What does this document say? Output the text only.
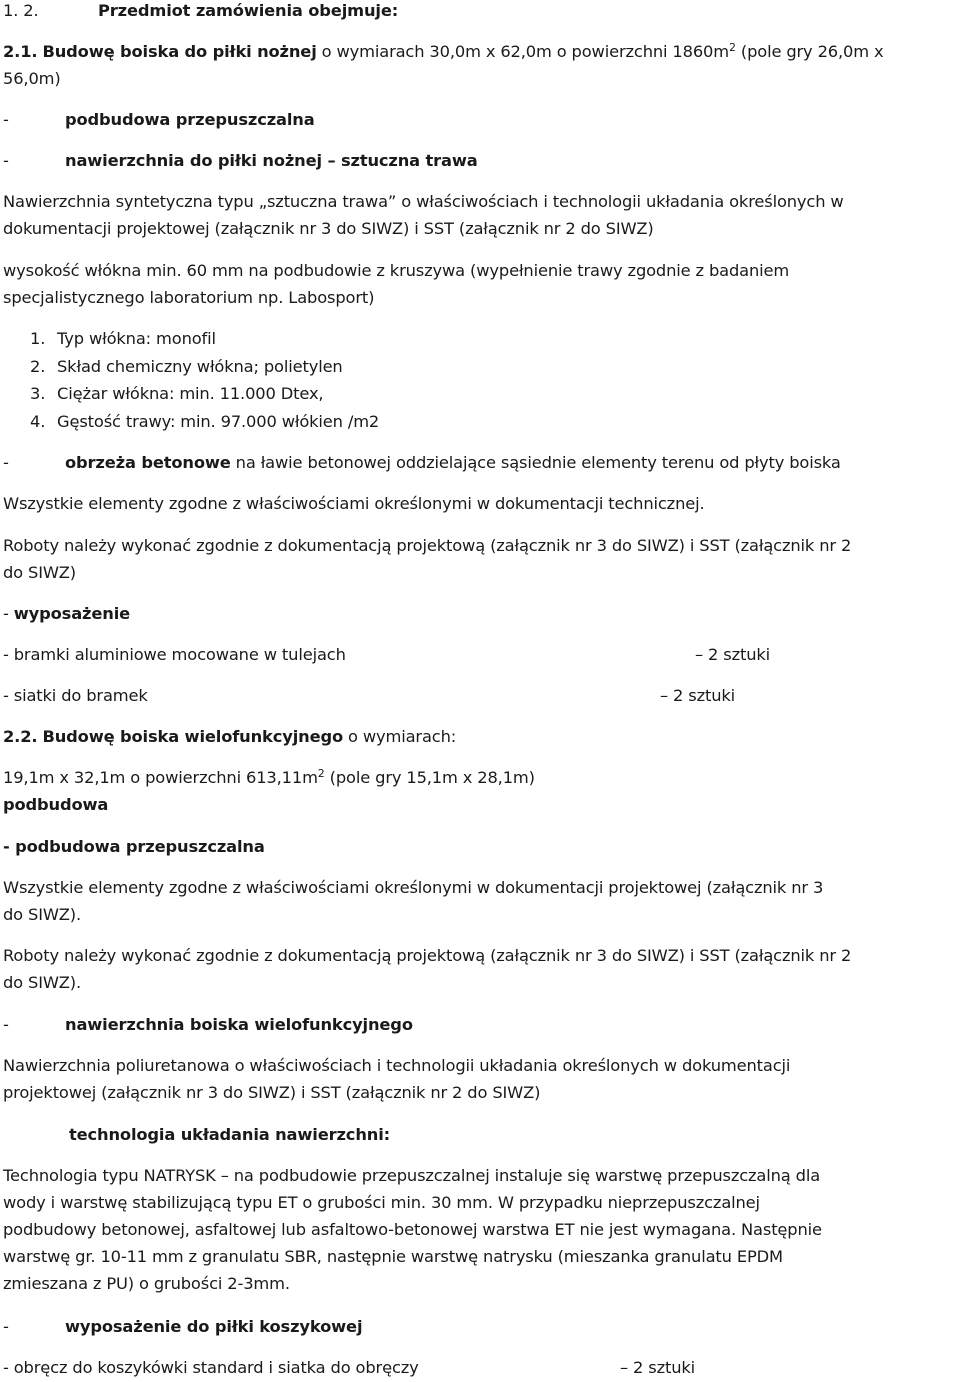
1. 2.	Przedmiot zamówienia obejmuje:
2.1. Budowę boiska do piłki nożnej o wymiarach 30,0m x 62,0m o powierzchni $1860m^2$ (pole gry 26,0m x
56,0m)
-	podbudowa przepuszczalna
-	nawierzchnia do piłki nożnej – sztuczna trawa
Nawierzchnia syntetyczna typu „sztuczna trawa” o właściwościach i technologii układania określonych w
dokumentacji projektowej (załącznik nr 3 do SIWZ) i SST (załącznik nr 2 do SIWZ)
wysokość włókna min. 60 mm na podbudowie z kruszywa (wypełnienie trawy zgodnie z badaniem
specjalistycznego laboratorium np. Labosport)
1. Typ włókna: monofil
2. Skład chemiczny włókna; polietylen
3. Ciężar włókna: min. 11.000 Dtex,
4. Gęstość trawy: min. 97.000 włókien /m2
-	obrzeża betonowe na ławie betonowej oddzielające sąsiednie elementy terenu od płyty boiska
Wszystkie elementy zgodne z właściwościami określonymi w dokumentacji technicznej.
Roboty należy wykonać zgodnie z dokumentacją projektową (załącznik nr 3 do SIWZ) i SST (załącznik nr 2
do SIWZ)
- wyposażenie
- bramki aluminiowe mocowane w tulejach	– 2 sztuki
- siatki do bramek	– 2 sztuki
2.2. Budowę boiska wielofunkcyjnego o wymiarach:
19,1m x 32,1m o powierzchni $613,11m^2$ (pole gry 15,1m x 28,1m)
podbudowa
- podbudowa przepuszczalna
Wszystkie elementy zgodne z właściwościami określonymi w dokumentacji projektowej (załącznik nr 3
do SIWZ).
Roboty należy wykonać zgodnie z dokumentacją projektową (załącznik nr 3 do SIWZ) i SST (załącznik nr 2
do SIWZ).
-	nawierzchnia boiska wielofunkcyjnego
Nawierzchnia poliuretanowa o właściwościach i technologii układania określonych w dokumentacji
projektowej (załącznik nr 3 do SIWZ) i SST (załącznik nr 2 do SIWZ)
technologia układania nawierzchni:
Technologia typu NATRYSK – na podbudowie przepuszczalnej instaluje się warstwę przepuszczalną dla
wody i warstwę stabilizującą typu ET o grubości min. 30 mm. W przypadku nieprzepuszczalnej
podbudowy betonowej, asfaltowej lub asfaltowo-betonowej warstwa ET nie jest wymagana. Następnie
warstwę gr. 10-11 mm z granulatu SBR, następnie warstwę natrysku (mieszanka granulatu EPDM
zmieszana z PU) o grubości 2-3mm.
-	wyposażenie do piłki koszykowej
- obręcz do koszykówki standard i siatka do obręczy	– 2 sztuki
